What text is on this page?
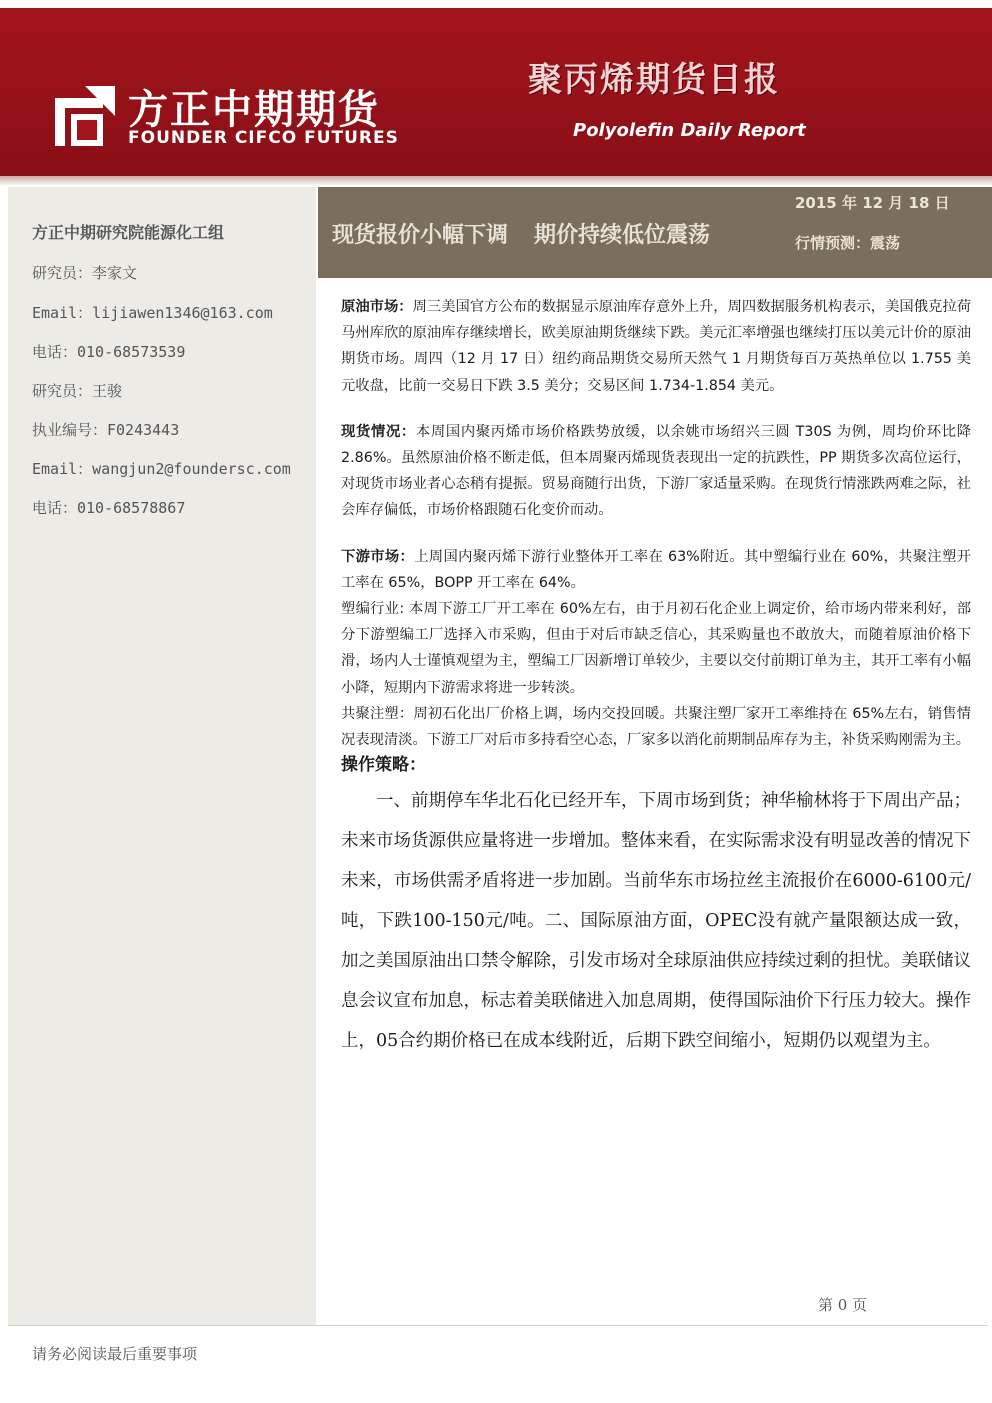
方正中期期货
FOUNDER CIFCO FUTURES
聚丙烯期货日报
Polyolefin Daily Report
方正中期研究院能源化工组
研究员：李家文
Email：lijiawen1346@163.com
电话：010-68573539
研究员：王骏
执业编号：F0243443
Email：wangjun2@foundersc.com
电话：010-68578867
现货报价小幅下调 期价持续低位震荡
2015 年 12 月 18 日
行情预测：震荡

原油市场：周三美国官方公布的数据显示原油库存意外上升，周四数据服务机构表示，美国俄克拉荷马州库欣的原油库存继续增长，欧美原油期货继续下跌。美元汇率增强也继续打压以美元计价的原油期货市场。周四（12 月 17 日）纽约商品期货交易所天然气 1 月期货每百万英热单位以 1.755 美元收盘，比前一交易日下跌 3.5 美分；交易区间 1.734-1.854 美元。

现货情况：本周国内聚丙烯市场价格跌势放缓，以余姚市场绍兴三圆 T30S 为例，周均价环比降 2.86%。虽然原油价格不断走低，但本周聚丙烯现货表现出一定的抗跌性，PP 期货多次高位运行，对现货市场业者心态稍有提振。贸易商随行出货，下游厂家适量采购。在现货行情涨跌两难之际，社会库存偏低，市场价格跟随石化变价而动。

下游市场：上周国内聚丙烯下游行业整体开工率在 63%附近。其中塑编行业在 60%，共聚注塑开工率在 65%，BOPP 开工率在 64%。

塑编行业: 本周下游工厂开工率在 60%左右，由于月初石化企业上调定价，给市场内带来利好，部分下游塑编工厂选择入市采购，但由于对后市缺乏信心，其采购量也不敢放大，而随着原油价格下滑，场内人士谨慎观望为主，塑编工厂因新增订单较少，主要以交付前期订单为主，其开工率有小幅小降，短期内下游需求将进一步转淡。

共聚注塑：周初石化出厂价格上调，场内交投回暖。共聚注塑厂家开工率维持在 65%左右，销售情况表现清淡。下游工厂对后市多持看空心态，厂家多以消化前期制品库存为主，补货采购刚需为主。

操作策略：

一、前期停车华北石化已经开车，下周市场到货；神华榆林将于下周出产品；未来市场货源供应量将进一步增加。整体来看，在实际需求没有明显改善的情况下未来，市场供需矛盾将进一步加剧。当前华东市场拉丝主流报价在6000-6100元/吨，下跌100-150元/吨。二、国际原油方面，OPEC没有就产量限额达成一致，加之美国原油出口禁令解除，引发市场对全球原油供应持续过剩的担忧。美联储议息会议宣布加息，标志着美联储进入加息周期，使得国际油价下行压力较大。操作上，05合约期价格已在成本线附近，后期下跌空间缩小，短期仍以观望为主。

第 0 页
请务必阅读最后重要事项
